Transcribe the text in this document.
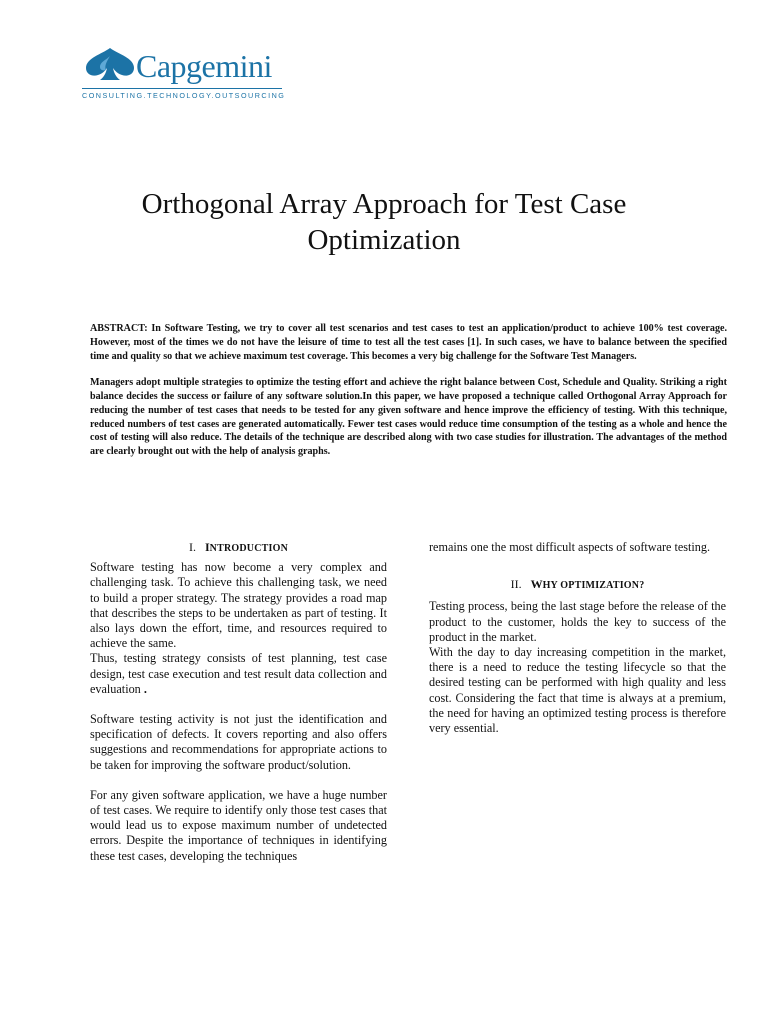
Capgemini
CONSULTING.TECHNOLOGY.OUTSOURCING
Orthogonal Array Approach for Test Case
Optimization

ABSTRACT: In Software Testing, we try to cover all test scenarios and test cases to test an application/product to achieve 100% test coverage. However, most of the times we do not have the leisure of time to test all the test cases [1]. In such cases, we have to balance between the specified time and quality so that we achieve maximum test coverage. This becomes a very big challenge for the Software Test Managers.

Managers adopt multiple strategies to optimize the testing effort and achieve the right balance between Cost, Schedule and Quality. Striking a right balance decides the success or failure of any software solution.In this paper, we have proposed a technique called Orthogonal Array Approach for reducing the number of test cases that needs to be tested for any given software and hence improve the efficiency of testing. With this technique, reduced numbers of test cases are generated automatically. Fewer test cases would reduce time consumption of the testing as a whole and hence the cost of testing will also reduce. The details of the technique are described along with two case studies for illustration. The advantages of the method are clearly brought out with the help of analysis graphs.

I. INTRODUCTION

Software testing has now become a very complex and challenging task. To achieve this challenging task, we need to build a proper strategy. The strategy provides a road map that describes the steps to be undertaken as part of testing. It also lays down the effort, time, and resources required to achieve the same.

Thus, testing strategy consists of test planning, test case design, test case execution and test result data collection and evaluation .

Software testing activity is not just the identification and specification of defects. It covers reporting and also offers suggestions and recommendations for appropriate actions to be taken for improving the software product/solution.

For any given software application, we have a huge number of test cases. We require to identify only those test cases that would lead us to expose maximum number of undetected errors. Despite the importance of techniques in identifying these test cases, developing the techniques

remains one the most difficult aspects of software testing.

II. WHY OPTIMIZATION?

Testing process, being the last stage before the release of the product to the customer, holds the key to success of the product in the market.

With the day to day increasing competition in the market, there is a need to reduce the testing lifecycle so that the desired testing can be performed with high quality and less cost. Considering the fact that time is always at a premium, the need for having an optimized testing process is therefore very essential.
